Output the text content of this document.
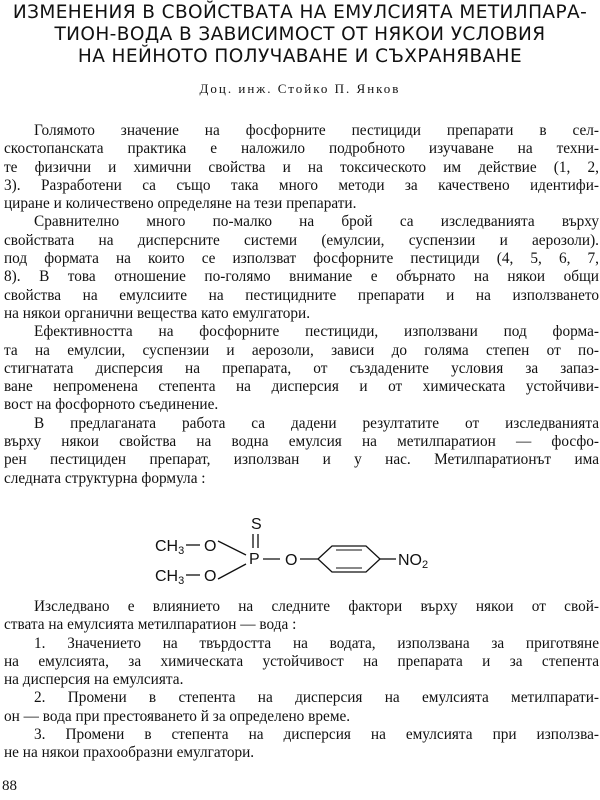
ИЗМЕНЕНИЯ В СВОЙСТВАТА НА ЕМУЛСИЯТА МЕТИЛПАРА-
ТИОН-ВОДА В ЗАВИСИМОСТ ОТ НЯКОИ УСЛОВИЯ
НА НЕЙНОТО ПОЛУЧАВАНЕ И СЪХРАНЯВАНЕ
Доц. инж. Стойко П. Янков
Голямото значение на фосфорните пестициди препарати в сел-
скостопанската практика е наложило подробното изучаване на техни-
те физични и химични свойства и на токсическото им действие (1, 2,
3). Разработени са също така много методи за качествено идентифи-
циране и количествено определяне на тези препарати.
Сравнително много по-малко на брой са изследванията върху
свойствата на дисперсните системи (емулсии, суспензии и аерозоли).
под формата на които се използват фосфорните пестициди (4, 5, 6, 7,
8). В това отношение по-голямо внимание е обърнато на някои общи
свойства на емулсиите на пестицидните препарати и на използването
на някои органични вещества като емулгатори.
Ефективността на фосфорните пестициди, използвани под форма-
та на емулсии, суспензии и аерозоли, зависи до голяма степен от по-
стигнатата дисперсия на препарата, от създадените условия за запаз-
ване непроменена степента на дисперсия и от химическата устойчиви-
вост на фосфорното съединение.
В предлаганата работа са дадени резултатите от изследванията
върху някои свойства на водна емулсия на метилпаратион — фосфо-
рен пестициден препарат, използван и у нас. Метилпаратионът има
следната структурна формула :
S
P
CH3 O
CH3 O
O	NO2
Изследвано е влиянието на следните фактори върху някои от свой-
ствата на емулсията метилпаратион — вода :
1. Значението на твърдостта на водата, използвана за приготвяне
на емулсията, за химическата устойчивост на препарата и за степента
на дисперсия на емулсията.
2. Промени в степента на дисперсия на емулсията метилпарати-
он — вода при престояването й за определено време.
3. Промени в степента на дисперсия на емулсията при използва-
не на някои прахообразни емулгатори.
88
